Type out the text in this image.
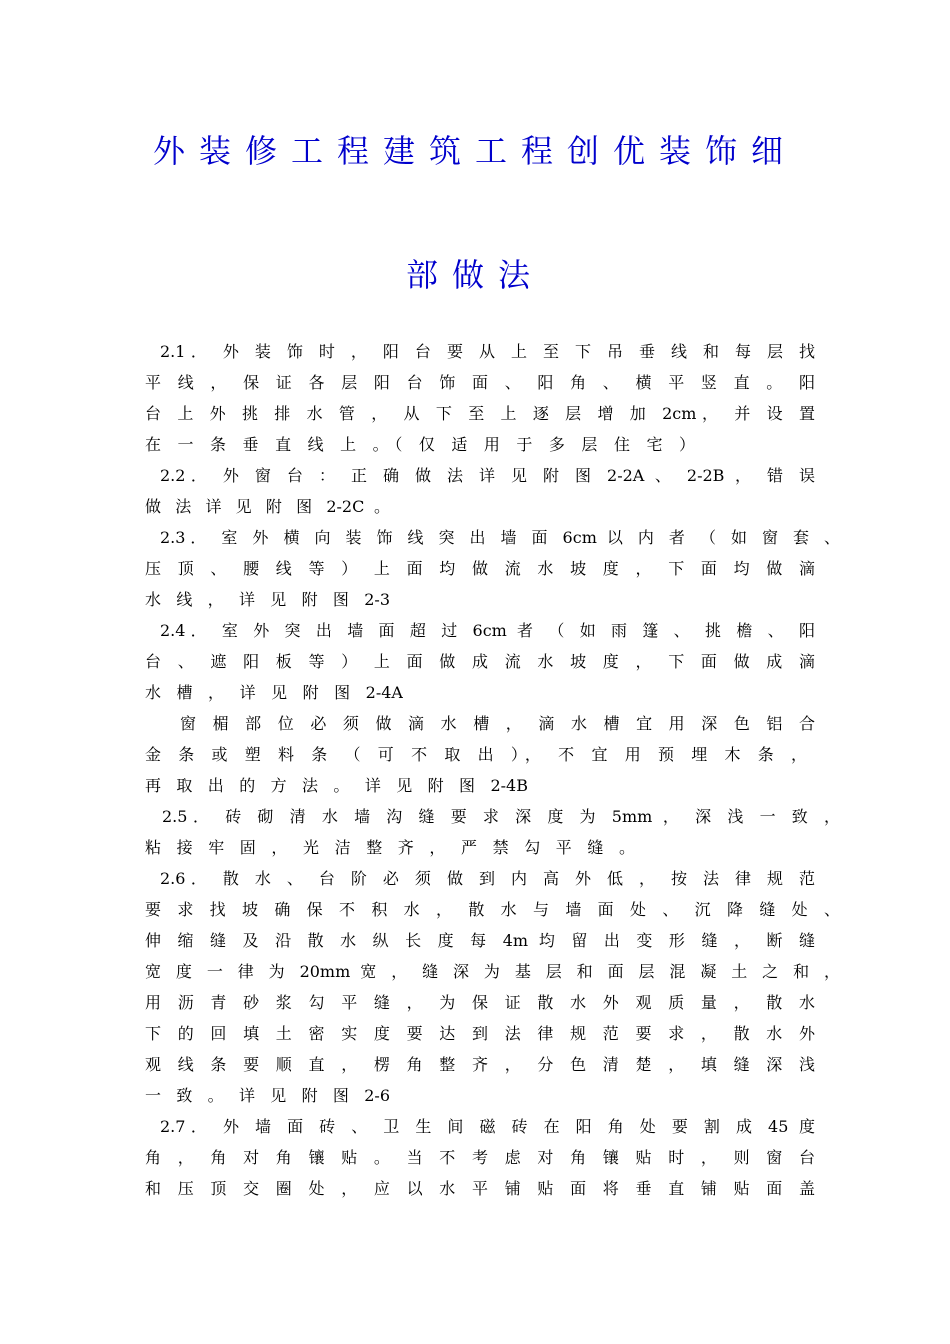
外装修工程建筑工程创优装饰细
部做法
2.1． 外 装 饰 时 ， 阳 台 要 从 上 至 下 吊 垂 线 和 每 层 找
平 线 ， 保 证 各 层 阳 台 饰 面 、 阳 角 、 横 平 竖 直 。 阳
台 上 外 挑 排 水 管 ， 从 下 至 上 逐 层 增 加 2cm， 并 设 置
在 一 条 垂 直 线 上 。（ 仅 适 用 于 多 层 住 宅 ）
2.2． 外 窗 台 ： 正 确 做 法 详 见 附 图 2-2A 、 2-2B ， 错 误
做 法 详 见 附 图 2-2C 。
2.3． 室 外 横 向 装 饰 线 突 出 墙 面 6cm 以 内 者 （ 如 窗 套 、
压 顶 、 腰 线 等 ） 上 面 均 做 流 水 坡 度 ， 下 面 均 做 滴
水 线 ， 详 见 附 图 2-3
2.4． 室 外 突 出 墙 面 超 过 6cm 者 （ 如 雨 篷 、 挑 檐 、 阳
台 、 遮 阳 板 等 ） 上 面 做 成 流 水 坡 度 ， 下 面 做 成 滴
水 槽 ， 详 见 附 图 2-4A
窗 楣 部 位 必 须 做 滴 水 槽 ， 滴 水 槽 宜 用 深 色 铝 合
金 条 或 塑 料 条 （ 可 不 取 出 ）， 不 宜 用 预 埋 木 条 ，
再 取 出 的 方 法 。 详 见 附 图 2-4B
2.5． 砖 砌 清 水 墙 沟 缝 要 求 深 度 为 5mm ， 深 浅 一 致 ，
粘 接 牢 固 ， 光 洁 整 齐 ， 严 禁 勾 平 缝 。
2.6． 散 水 、 台 阶 必 须 做 到 内 高 外 低 ， 按 法 律 规 范
要 求 找 坡 确 保 不 积 水 ， 散 水 与 墙 面 处 、 沉 降 缝 处 、
伸 缩 缝 及 沿 散 水 纵 长 度 每 4m 均 留 出 变 形 缝 ， 断 缝
宽 度 一 律 为 20mm 宽 ， 缝 深 为 基 层 和 面 层 混 凝 土 之 和 ，
用 沥 青 砂 浆 勾 平 缝 ， 为 保 证 散 水 外 观 质 量 ， 散 水
下 的 回 填 土 密 实 度 要 达 到 法 律 规 范 要 求 ， 散 水 外
观 线 条 要 顺 直 ， 楞 角 整 齐 ， 分 色 清 楚 ， 填 缝 深 浅
一 致 。 详 见 附 图 2-6
2.7． 外 墙 面 砖 、 卫 生 间 磁 砖 在 阳 角 处 要 割 成 45 度
角 ， 角 对 角 镶 贴 。 当 不 考 虑 对 角 镶 贴 时 ， 则 窗 台
和 压 顶 交 圈 处 ， 应 以 水 平 铺 贴 面 将 垂 直 铺 贴 面 盖
